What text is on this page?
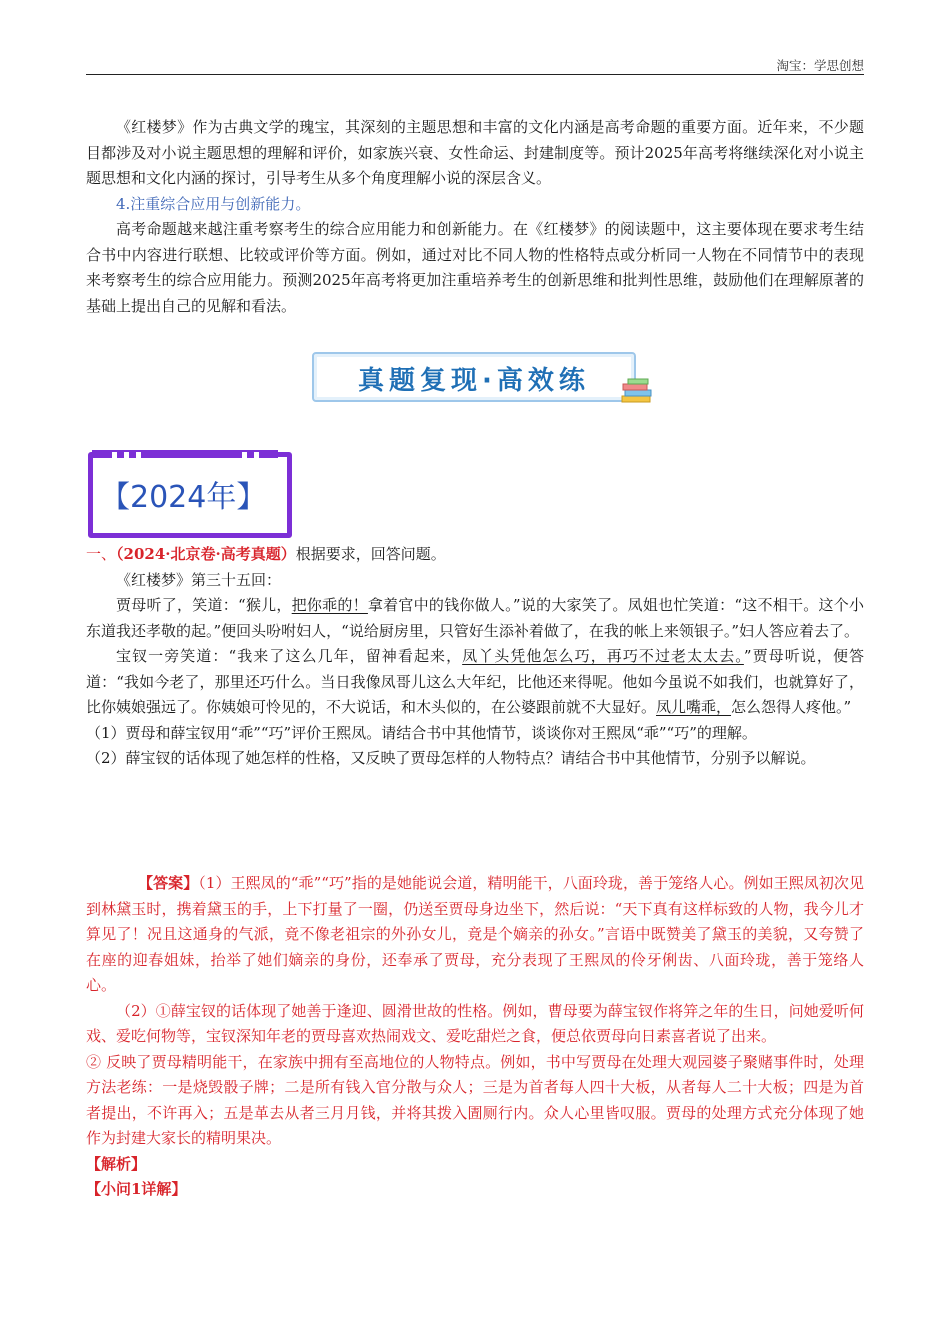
淘宝：学思创想

《红楼梦》作为古典文学的瑰宝，其深刻的主题思想和丰富的文化内涵是高考命题的重要方面。近年来，不少题目都涉及对小说主题思想的理解和评价，如家族兴衰、女性命运、封建制度等。预计2025年高考将继续深化对小说主题思想和文化内涵的探讨，引导考生从多个角度理解小说的深层含义。

4.注重综合应用与创新能力。

高考命题越来越注重考察考生的综合应用能力和创新能力。在《红楼梦》的阅读题中，这主要体现在要求考生结合书中内容进行联想、比较或评价等方面。例如，通过对比不同人物的性格特点或分析同一人物在不同情节中的表现来考察考生的综合应用能力。预测2025年高考将更加注重培养考生的创新思维和批判性思维，鼓励他们在理解原著的基础上提出自己的见解和看法。

真题复现·高效练
【2024年】

一、（2024·北京卷·高考真题）根据要求，回答问题。

《红楼梦》第三十五回：

贾母听了，笑道：“猴儿，把你乖的！拿着官中的钱你做人。”说的大家笑了。凤姐也忙笑道：“这不相干。这个小东道我还孝敬的起。”便回头吩咐妇人，“说给厨房里，只管好生添补着做了，在我的帐上来领银子。”妇人答应着去了。

宝钗一旁笑道：“我来了这么几年，留神看起来，凤丫头凭他怎么巧，再巧不过老太太去。”贾母听说，便答道：“我如今老了，那里还巧什么。当日我像凤哥儿这么大年纪，比他还来得呢。他如今虽说不如我们，也就算好了，比你姨娘强远了。你姨娘可怜见的，不大说话，和木头似的，在公婆跟前就不大显好。凤儿嘴乖，怎么怨得人疼他。”

（1）贾母和薛宝钗用“乖”“巧”评价王熙凤。请结合书中其他情节，谈谈你对王熙凤“乖”“巧”的理解。

（2）薛宝钗的话体现了她怎样的性格，又反映了贾母怎样的人物特点？请结合书中其他情节，分别予以解说。

【答案】（1）王熙凤的“乖”“巧”指的是她能说会道，精明能干，八面玲珑，善于笼络人心。例如王熙凤初次见到林黛玉时，携着黛玉的手，上下打量了一圈，仍送至贾母身边坐下，然后说：“天下真有这样标致的人物，我今儿才算见了！况且这通身的气派，竟不像老祖宗的外孙女儿，竟是个嫡亲的孙女。”言语中既赞美了黛玉的美貌，又夸赞了在座的迎春姐妹，抬举了她们嫡亲的身份，还奉承了贾母，充分表现了王熙凤的伶牙俐齿、八面玲珑，善于笼络人心。

（2）①薛宝钗的话体现了她善于逢迎、圆滑世故的性格。例如，曹母要为薛宝钗作将笄之年的生日，问她爱听何戏、爱吃何物等，宝钗深知年老的贾母喜欢热闹戏文、爱吃甜烂之食，便总依贾母向日素喜者说了出来。

② 反映了贾母精明能干，在家族中拥有至高地位的人物特点。例如，书中写贾母在处理大观园婆子聚赌事件时，处理方法老练：一是烧毁骰子牌；二是所有钱入官分散与众人；三是为首者每人四十大板，从者每人二十大板；四是为首者提出，不许再入；五是革去从者三月月钱，并将其拨入圊厕行内。众人心里皆叹服。贾母的处理方式充分体现了她作为封建大家长的精明果决。

【解析】

【小问1详解】
